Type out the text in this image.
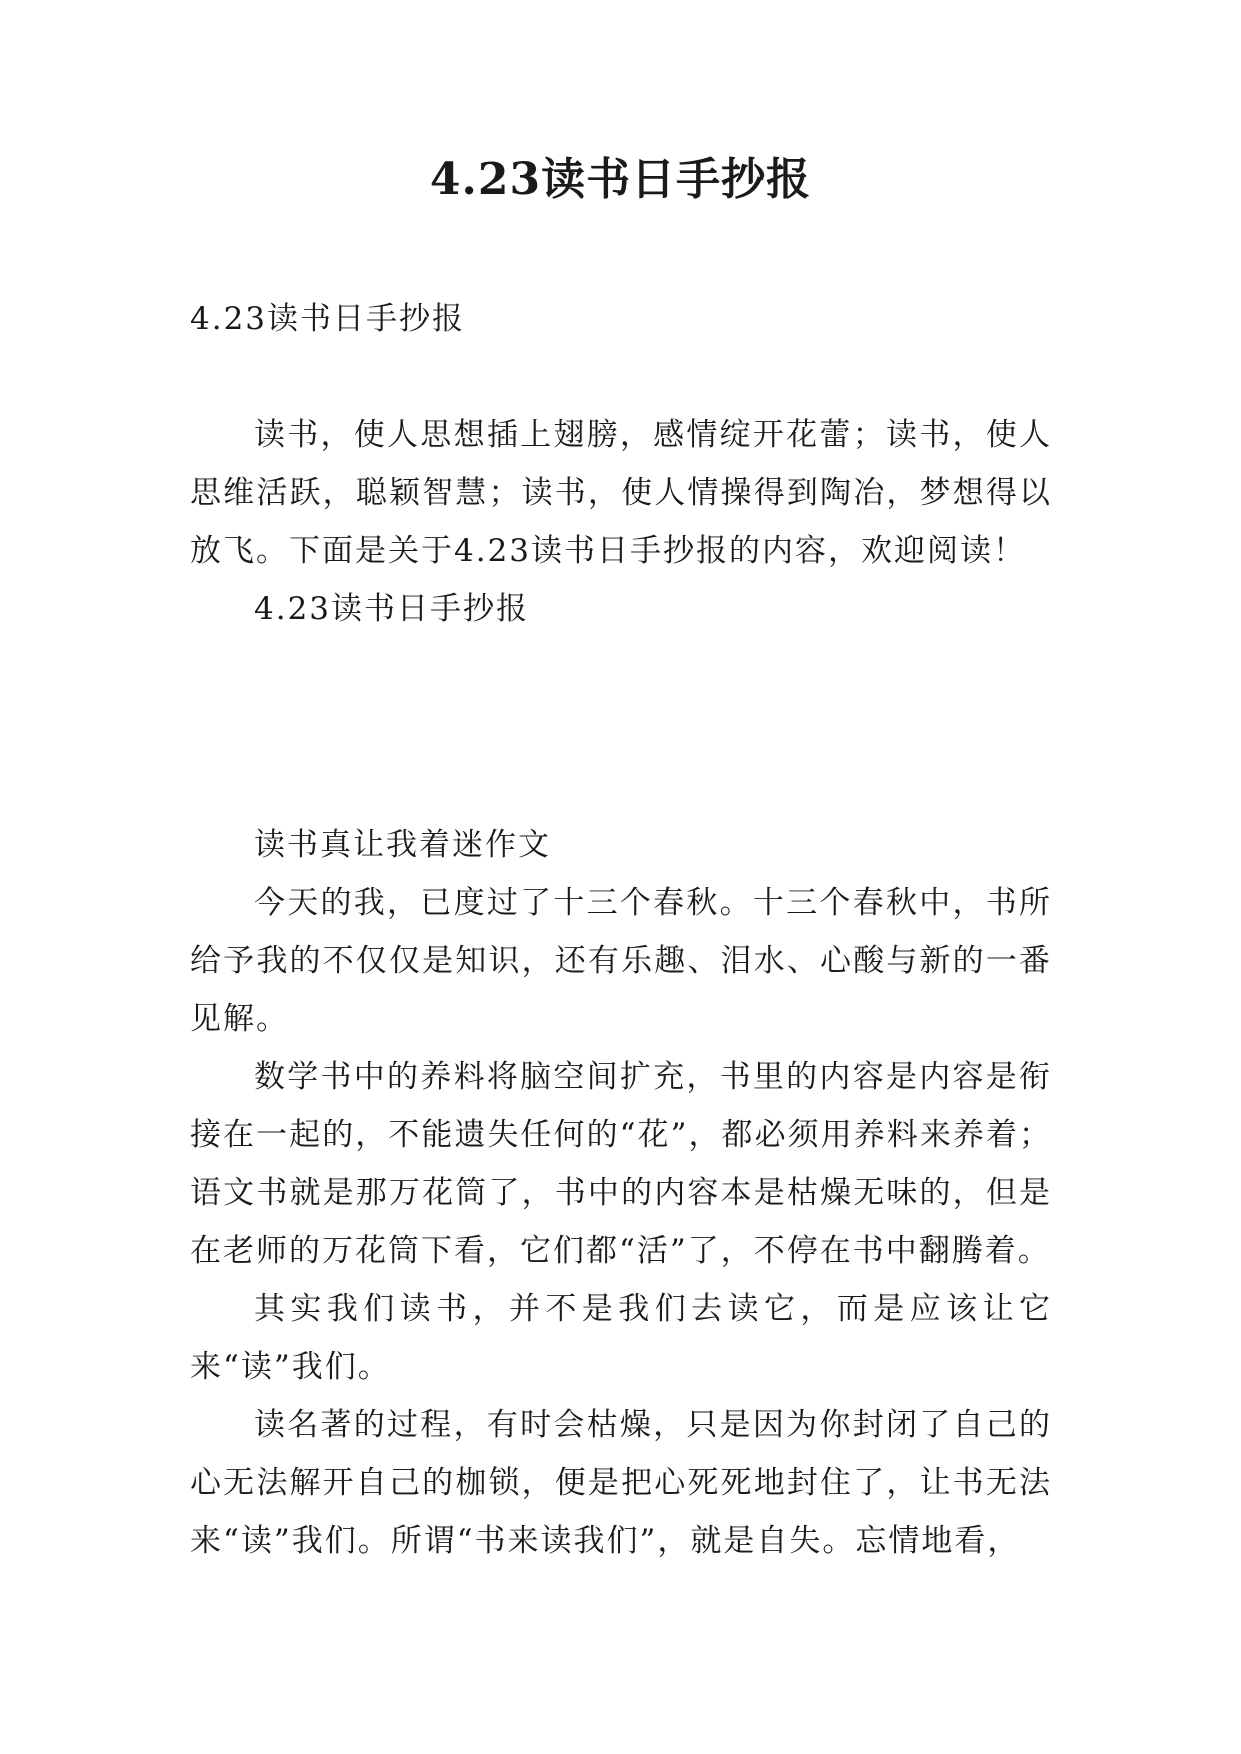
4.23读书日手抄报

4.23读书日手抄报

读书，使人思想插上翅膀，感情绽开花蕾；读书，使人思维活跃，聪颖智慧；读书，使人情操得到陶冶，梦想得以放飞。下面是关于4.23读书日手抄报的内容，欢迎阅读！

4.23读书日手抄报

读书真让我着迷作文

今天的我，已度过了十三个春秋。十三个春秋中，书所给予我的不仅仅是知识，还有乐趣、泪水、心酸与新的一番见解。

数学书中的养料将脑空间扩充，书里的内容是内容是衔接在一起的，不能遗失任何的“花”，都必须用养料来养着；语文书就是那万花筒了，书中的内容本是枯燥无味的，但是在老师的万花筒下看，它们都“活”了，不停在书中翻腾着。

其实我们读书，并不是我们去读它，而是应该让它来“读”我们。

读名著的过程，有时会枯燥，只是因为你封闭了自己的心无法解开自己的枷锁，便是把心死死地封住了，让书无法来“读”我们。所谓“书来读我们”，就是自失。忘情地看，
